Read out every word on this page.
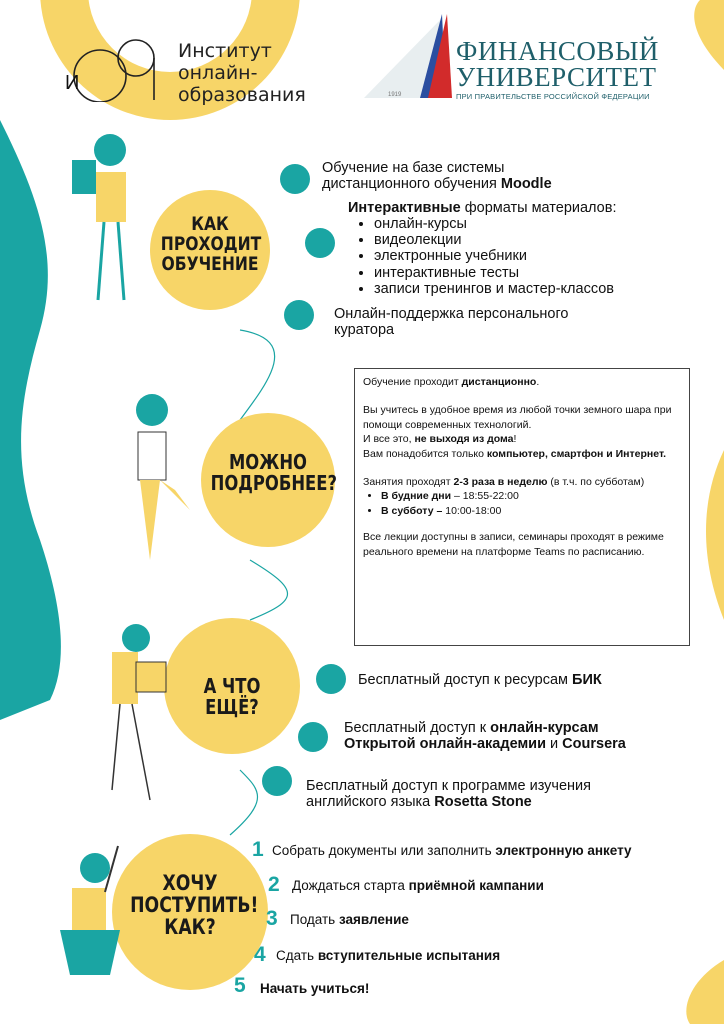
И
Институт
онлайн-
образования
ФИНАНСОВЫЙ
УНИВЕРСИТЕТ
ПРИ ПРАВИТЕЛЬСТВЕ РОССИЙСКОЙ ФЕДЕРАЦИИ
1919
КАК
ПРОХОДИТ
ОБУЧЕНИЕ
МОЖНО
ПОДРОБНЕЕ?
А ЧТО ЕЩЁ?
ХОЧУ
ПОСТУПИТЬ!
КАК?
Обучение на базе системы
дистанционного обучения Moodle
Интерактивные форматы материалов:
• онлайн-курсы
• видеолекции
• электронные учебники
• интерактивные тесты
• записи тренингов и мастер-классов
Онлайн-поддержка персонального
куратора

Обучение проходит дистанционно.

Вы учитесь в удобное время из любой точки земного шара при помощи современных технологий.
И все это, не выходя из дома!
Вам понадобится только компьютер, смартфон и Интернет.

Занятия проходят 2-3 раза в неделю (в т.ч. по субботам)

• В будние дни – 18:55-22:00
• В субботу – 10:00-18:00

Все лекции доступны в записи, семинары проходят в режиме реального времени на платформе Teams по расписанию.

Бесплатный доступ к ресурсам БИК
Бесплатный доступ к онлайн-курсам
Открытой онлайн-академии и Coursera
Бесплатный доступ к программе изучения
английского языка Rosetta Stone
1 Собрать документы или заполнить электронную анкету
2 Дождаться старта приёмной кампании
3 Подать заявление
4 Сдать вступительные испытания
5 Начать учиться!
